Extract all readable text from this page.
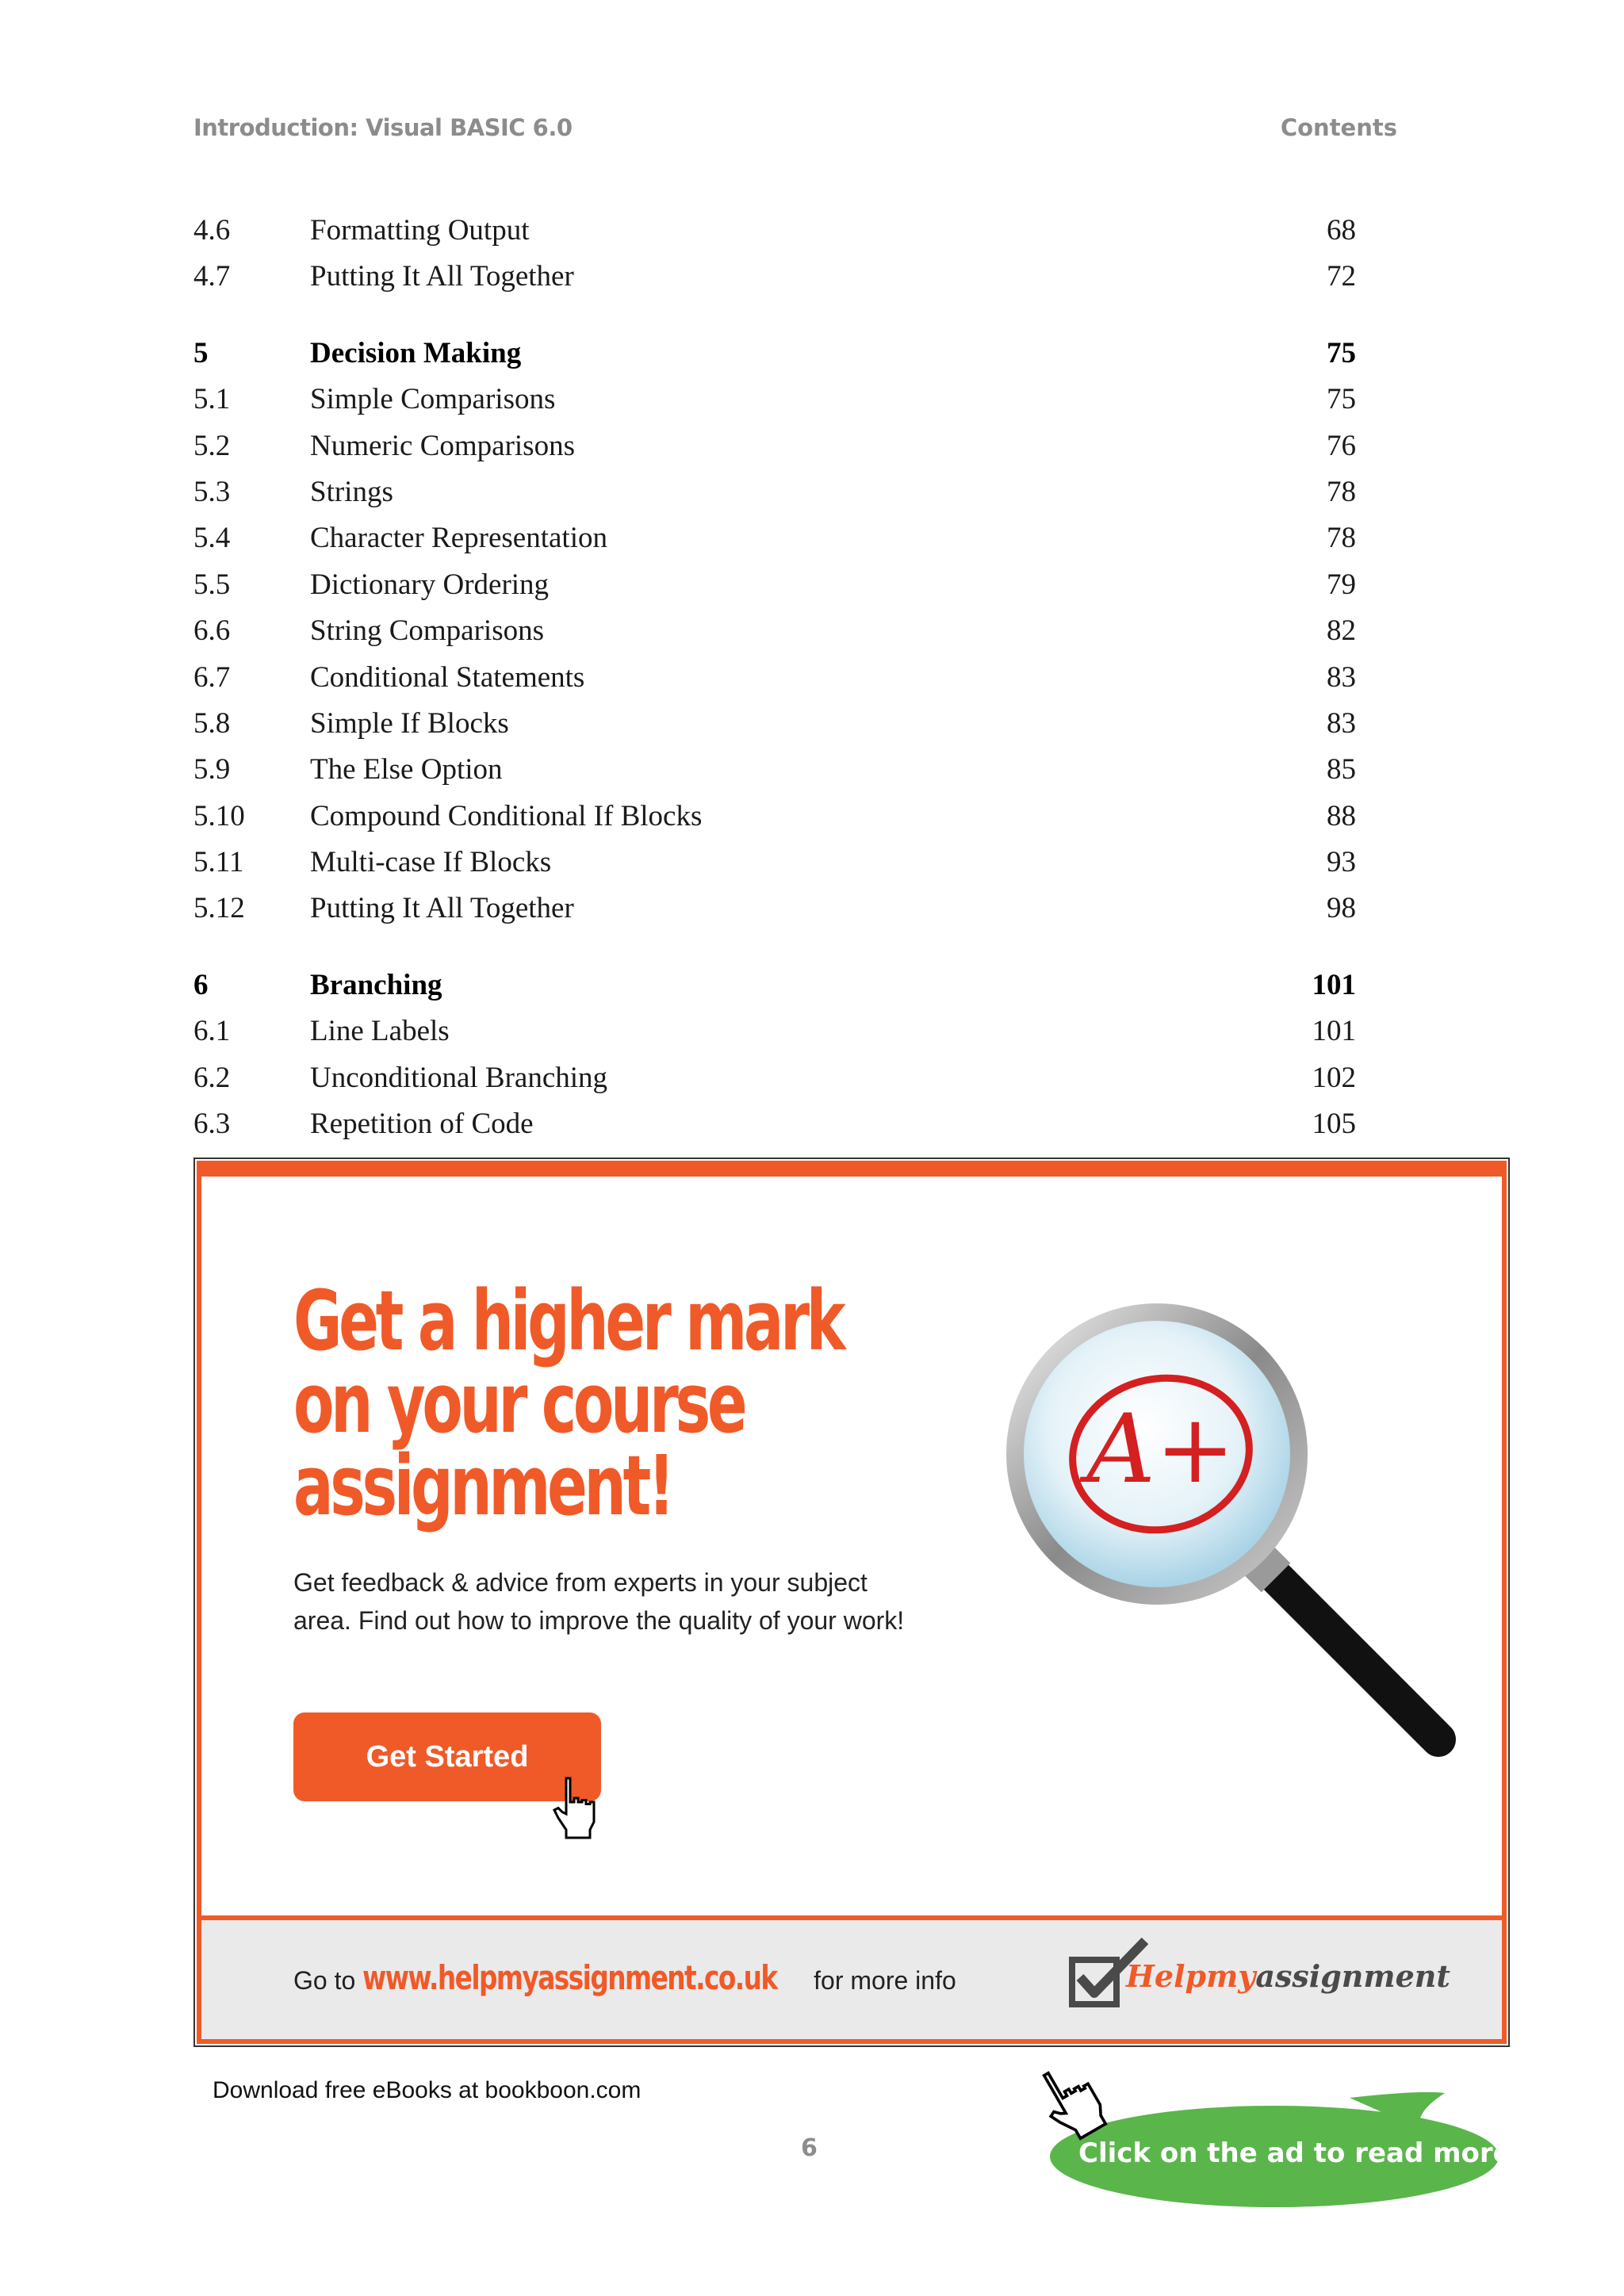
Introduction: Visual BASIC 6.0	Contents
4.6	Formatting Output	68
4.7	Putting It All Together	72
5	Decision Making	75
5.1	Simple Comparisons	75
5.2	Numeric Comparisons	76
5.3	Strings	78
5.4	Character Representation	78
5.5	Dictionary Ordering	79
6.6	String Comparisons	82
6.7	Conditional Statements	83
5.8	Simple If Blocks	83
5.9	The Else Option	85
5.10 Compound Conditional If Blocks	88
5.11 Multi-case If Blocks	93
5.12 Putting It All Together	98
6	Branching	101
6.1	Line Labels	101
6.2	Unconditional Branching	102
6.3	Repetition of Code	105
Get a higher mark
on your course
assignment!
Get feedback & advice from experts in your subject
area. Find out how to improve the quality of your work!
Get Started
A+
Go to www.helpmyassignment.co.uk for more info	Helpmyassignment
Download free eBooks at bookboon.com
6	Click on the ad to read more
